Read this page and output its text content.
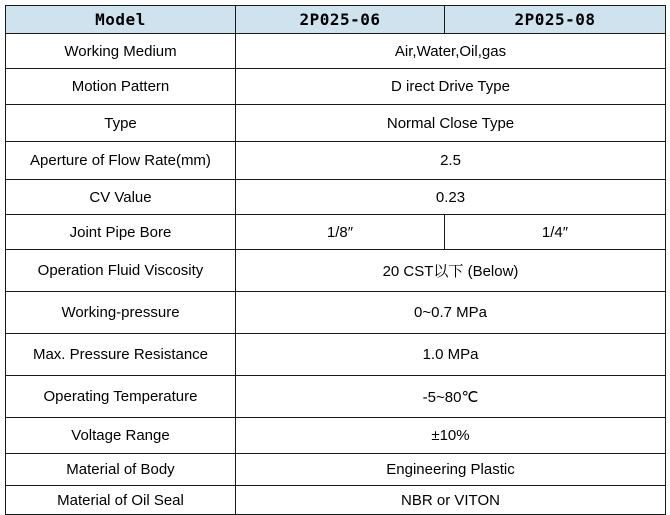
Model	2P025-06	2P025-08
Working Medium	Air,Water,Oil,gas	
Motion Pattern	D irect Drive Type	
Type	Normal Close Type	
Aperture of Flow Rate(mm)	2.5	
CV Value	0.23	
Joint Pipe Bore	1/8″	1/4″
Operation Fluid Viscosity	20 CST以下 (Below)	
Working-pressure	0~0.7 MPa	
Max. Pressure Resistance	1.0 MPa	
Operating Temperature	-5~80℃	
Voltage Range	±10%	
Material of Body	Engineering Plastic	
Material of Oil Seal	NBR or VITON	
